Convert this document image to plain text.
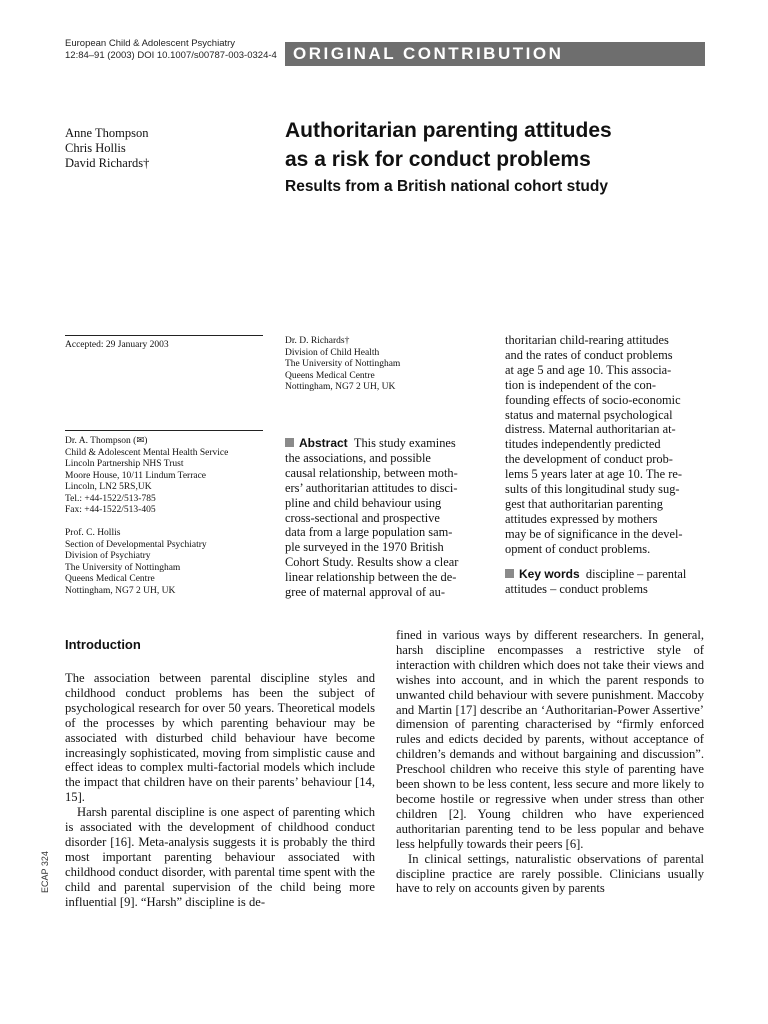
European Child & Adolescent Psychiatry
12:84–91 (2003) DOI 10.1007/s00787-003-0324-4 ORIGINAL CONTRIBUTION
Anne Thompson
Chris Hollis
David Richards†
Authoritarian parenting attitudes
as a risk for conduct problems
Results from a British national cohort study
Accepted: 29 January 2003
Dr. A. Thompson (✉)
Child & Adolescent Mental Health Service
Lincoln Partnership NHS Trust
Moore House, 10/11 Lindum Terrace
Lincoln, LN2 5RS,UK
Tel.: +44-1522/513-785
Fax: +44-1522/513-405
Prof. C. Hollis
Section of Developmental Psychiatry
Division of Psychiatry
The University of Nottingham
Queens Medical Centre
Nottingham, NG7 2 UH, UK
Dr. D. Richards†
Division of Child Health
The University of Nottingham
Queens Medical Centre
Nottingham, NG7 2 UH, UK
Abstract This study examines
the associations, and possible
causal relationship, between moth-
ers’ authoritarian attitudes to disci-
pline and child behaviour using
cross-sectional and prospective
data from a large population sam-
ple surveyed in the 1970 British
Cohort Study. Results show a clear
linear relationship between the de-
gree of maternal approval of au-
thoritarian child-rearing attitudes
and the rates of conduct problems
at age 5 and age 10. This associa-
tion is independent of the con-
founding effects of socio-economic
status and maternal psychological
distress. Maternal authoritarian at-
titudes independently predicted
the development of conduct prob-
lems 5 years later at age 10. The re-
sults of this longitudinal study sug-
gest that authoritarian parenting
attitudes expressed by mothers
may be of significance in the devel-
opment of conduct problems.
Key words discipline – parental
attitudes – conduct problems
Introduction

The association between parental discipline styles and childhood conduct problems has been the subject of psychological research for over 50 years. Theoretical models of the processes by which parenting behaviour may be associated with disturbed child behaviour have become increasingly sophisticated, moving from simplistic cause and effect ideas to complex multi-factorial models which include the impact that children have on their parents’ behaviour [14, 15].

Harsh parental discipline is one aspect of parenting which is associated with the development of childhood conduct disorder [16]. Meta-analysis suggests it is probably the third most important parenting behaviour associated with childhood conduct disorder, with parental time spent with the child and parental supervision of the child being more influential [9]. “Harsh” discipline is de-

fined in various ways by different researchers. In general, harsh discipline encompasses a restrictive style of interaction with children which does not take their views and wishes into account, and in which the parent responds to unwanted child behaviour with severe punishment. Maccoby and Martin [17] describe an ‘Authoritarian-Power Assertive’ dimension of parenting characterised by “firmly enforced rules and edicts decided by parents, without acceptance of children’s demands and without bargaining and discussion”. Preschool children who receive this style of parenting have been shown to be less content, less secure and more likely to become hostile or regressive when under stress than other children [2]. Young children who have experienced authoritarian parenting tend to be less popular and behave less helpfully towards their peers [6].

In clinical settings, naturalistic observations of parental discipline practice are rarely possible. Clinicians usually have to rely on accounts given by parents

ECAP 324
